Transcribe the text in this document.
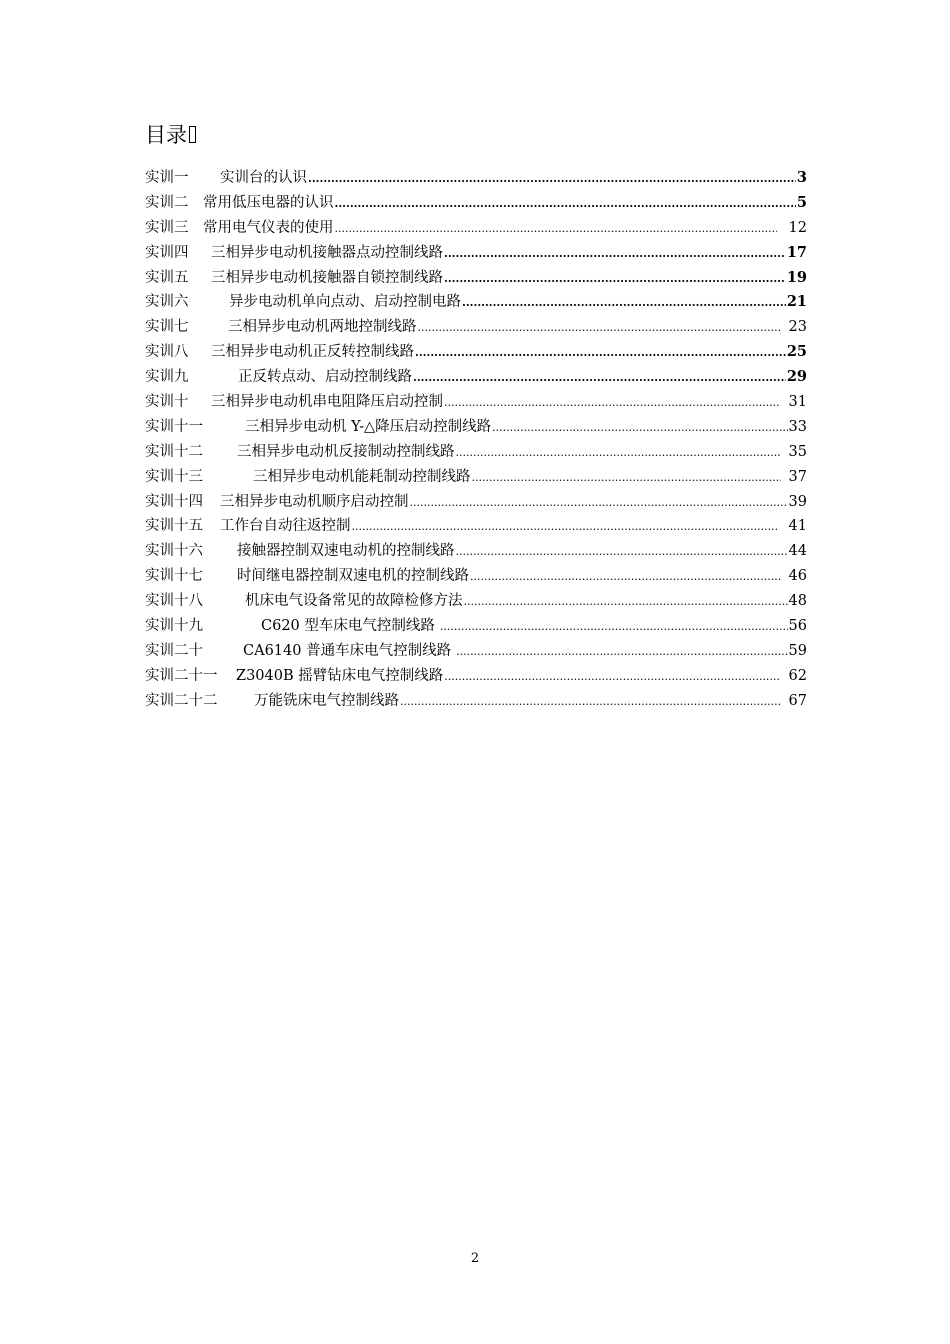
目录
实训一	实训台的认识 .....	3
实训二	常用低压电器的认识 .....	5
实训三	常用电气仪表的使用 .....	12
实训四	三相异步电动机接触器点动控制线路 .....	17
实训五	三相异步电动机接触器自锁控制线路 .....	19
实训六	异步电动机单向点动、启动控制电路 .....	21
实训七	三相异步电动机两地控制线路 .....	23
实训八	三相异步电动机正反转控制线路 .....	25
实训九	正反转点动、启动控制线路 .....	29
实训十	三相异步电动机串电阻降压启动控制 .....	31
实训十一	三相异步电动机 Y-△降压启动控制线路 .....	33
实训十二	三相异步电动机反接制动控制线路 .....	35
实训十三	三相异步电动机能耗制动控制线路 .....	37
实训十四	三相异步电动机顺序启动控制 .....	39
实训十五	工作台自动往返控制 .....	41
实训十六	接触器控制双速电动机的控制线路 .....	44
实训十七	时间继电器控制双速电机的控制线路 .....	46
实训十八	机床电气设备常见的故障检修方法 .....	48
实训十九	C620 型车床电气控制线路 .....	56
实训二十	CA6140 普通车床电气控制线路 .....	59
实训二十一	Z3040B 摇臂钻床电气控制线路 .....	62
实训二十二	万能铣床电气控制线路 .....	67
2
